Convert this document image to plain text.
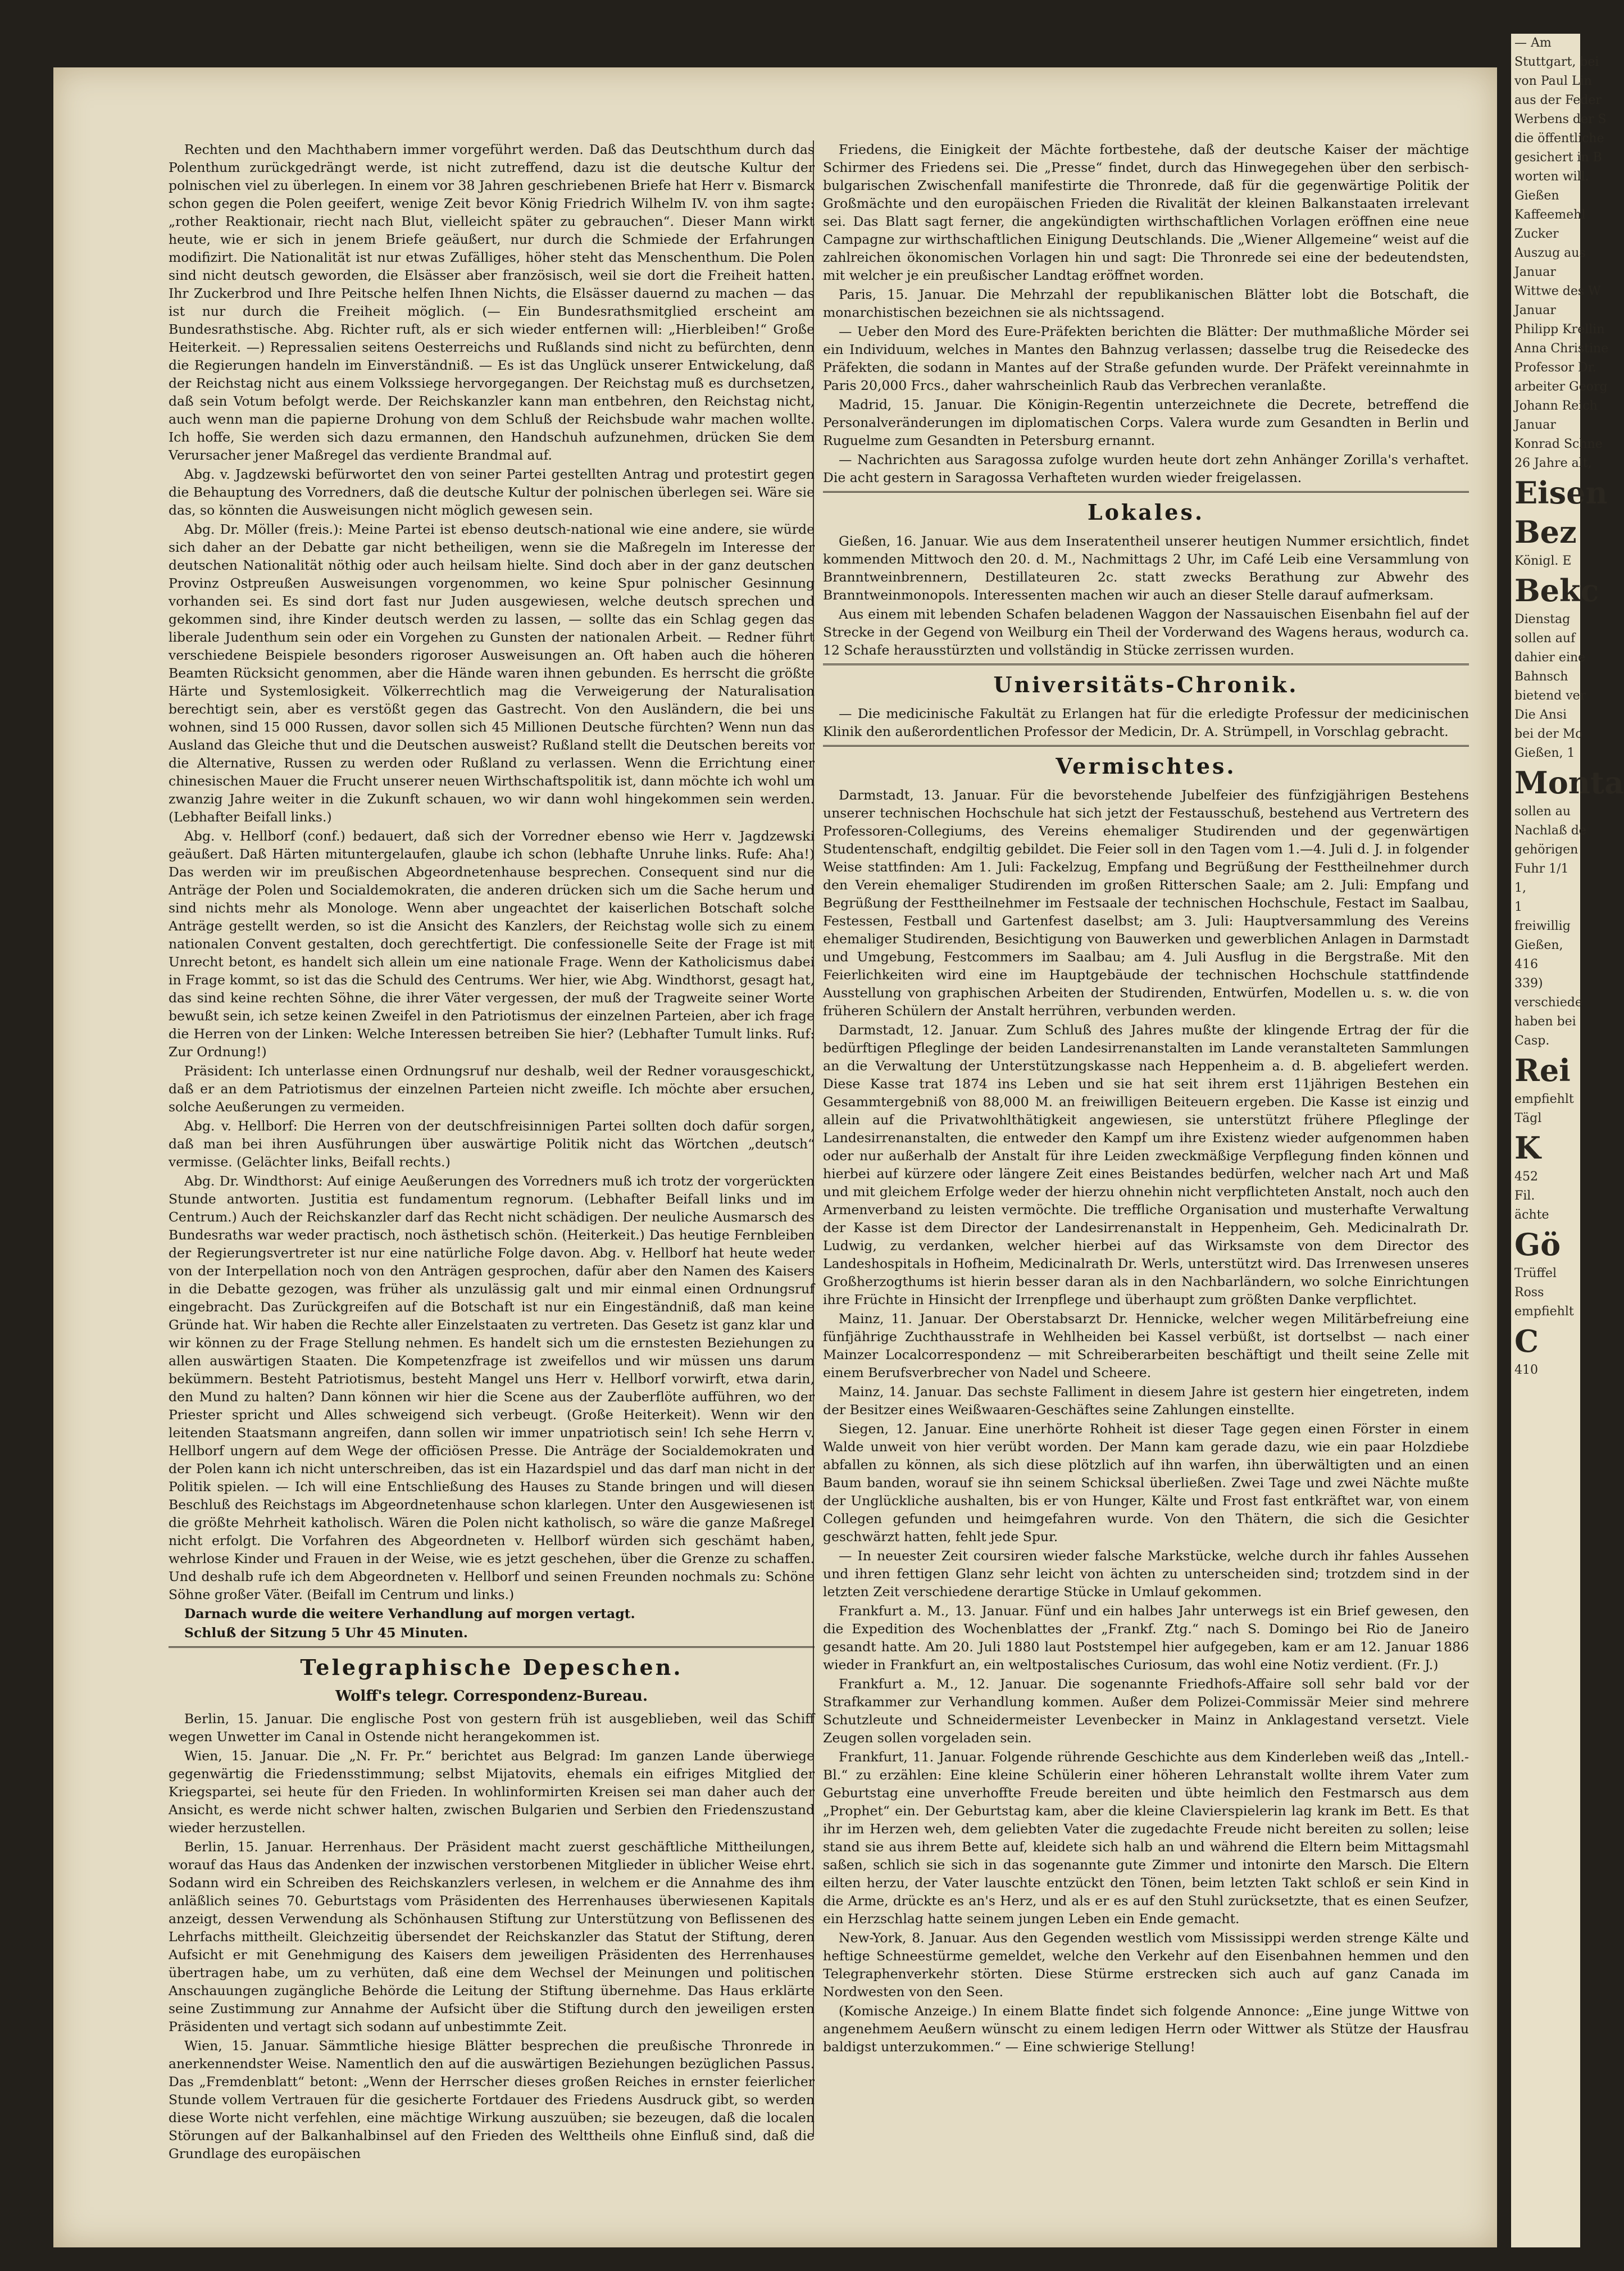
— Am
Stuttgart, bei
von Paul Lin
aus der Feder
Werbens der S
die öffentliche
gesichert in B
worten will.
Gießen
Kaffeemehl
Zucker
Auszug aus
Januar
Wittwe des W
Januar
Philipp Krellin
Anna Christine
Professor Dr.
arbeiter Georg
Johann Reich
Januar
Konrad Schne
26 Jahre alt,
Eisen
Bez
Königl. E
Bekc
Dienstag
sollen auf
dahier eine
Bahnsch
bietend ver
Die Ansi
bei der Mo
Gießen, 1
Monta
sollen au
Nachlaß de
gehörigen
Fuhr 1/1
1,
1
freiwillig
Gießen,
416
339)
verschiede
haben bei
Casp.
Rei
empfiehlt
Tägl
K
452
Fil.
ächte
Gö
Trüffel
Ross
empfiehlt
C
410

Rechten und den Machthabern immer vorgeführt werden. Daß das Deutschthum durch das Polenthum zurückgedrängt werde, ist nicht zutreffend, dazu ist die deutsche Kultur der polnischen viel zu überlegen. In einem vor 38 Jahren geschriebenen Briefe hat Herr v. Bismarck schon gegen die Polen geeifert, wenige Zeit bevor König Friedrich Wilhelm IV. von ihm sagte: „rother Reaktionair, riecht nach Blut, vielleicht später zu gebrauchen“. Dieser Mann wirkt heute, wie er sich in jenem Briefe geäußert, nur durch die Schmiede der Erfahrungen modifizirt. Die Nationalität ist nur etwas Zufälliges, höher steht das Menschenthum. Die Polen sind nicht deutsch geworden, die Elsässer aber französisch, weil sie dort die Freiheit hatten. Ihr Zuckerbrod und Ihre Peitsche helfen Ihnen Nichts, die Elsässer dauernd zu machen — das ist nur durch die Freiheit möglich. (— Ein Bundesrathsmitglied erscheint am Bundesrathstische. Abg. Richter ruft, als er sich wieder entfernen will: „Hierbleiben!“ Große Heiterkeit. —) Repressalien seitens Oesterreichs und Rußlands sind nicht zu befürchten, denn die Regierungen handeln im Einverständniß. — Es ist das Unglück unserer Entwickelung, daß der Reichstag nicht aus einem Volkssiege hervorgegangen. Der Reichstag muß es durchsetzen, daß sein Votum befolgt werde. Der Reichskanzler kann man entbehren, den Reichstag nicht, auch wenn man die papierne Drohung von dem Schluß der Reichsbude wahr machen wollte. Ich hoffe, Sie werden sich dazu ermannen, den Handschuh aufzunehmen, drücken Sie dem Verursacher jener Maßregel das verdiente Brandmal auf.

Abg. v. Jagdzewski befürwortet den von seiner Partei gestellten Antrag und protestirt gegen die Behauptung des Vorredners, daß die deutsche Kultur der polnischen überlegen sei. Wäre sie das, so könnten die Ausweisungen nicht möglich gewesen sein.

Abg. Dr. Möller (freis.): Meine Partei ist ebenso deutsch-national wie eine andere, sie würde sich daher an der Debatte gar nicht betheiligen, wenn sie die Maßregeln im Interesse der deutschen Nationalität nöthig oder auch heilsam hielte. Sind doch aber in der ganz deutschen Provinz Ostpreußen Ausweisungen vorgenommen, wo keine Spur polnischer Gesinnung vorhanden sei. Es sind dort fast nur Juden ausgewiesen, welche deutsch sprechen und gekommen sind, ihre Kinder deutsch werden zu lassen, — sollte das ein Schlag gegen das liberale Judenthum sein oder ein Vorgehen zu Gunsten der nationalen Arbeit. — Redner führt verschiedene Beispiele besonders rigoroser Ausweisungen an. Oft haben auch die höheren Beamten Rücksicht genommen, aber die Hände waren ihnen gebunden. Es herrscht die größte Härte und Systemlosigkeit. Völkerrechtlich mag die Verweigerung der Naturalisation berechtigt sein, aber es verstößt gegen das Gastrecht. Von den Ausländern, die bei uns wohnen, sind 15 000 Russen, davor sollen sich 45 Millionen Deutsche fürchten? Wenn nun das Ausland das Gleiche thut und die Deutschen ausweist? Rußland stellt die Deutschen bereits vor die Alternative, Russen zu werden oder Rußland zu verlassen. Wenn die Errichtung einer chinesischen Mauer die Frucht unserer neuen Wirthschaftspolitik ist, dann möchte ich wohl um zwanzig Jahre weiter in die Zukunft schauen, wo wir dann wohl hingekommen sein werden. (Lebhafter Beifall links.)

Abg. v. Hellborf (conf.) bedauert, daß sich der Vorredner ebenso wie Herr v. Jagdzewski geäußert. Daß Härten mituntergelaufen, glaube ich schon (lebhafte Unruhe links. Rufe: Aha!) Das werden wir im preußischen Abgeordnetenhause besprechen. Consequent sind nur die Anträge der Polen und Socialdemokraten, die anderen drücken sich um die Sache herum und sind nichts mehr als Monologe. Wenn aber ungeachtet der kaiserlichen Botschaft solche Anträge gestellt werden, so ist die Ansicht des Kanzlers, der Reichstag wolle sich zu einem nationalen Convent gestalten, doch gerechtfertigt. Die confessionelle Seite der Frage ist mit Unrecht betont, es handelt sich allein um eine nationale Frage. Wenn der Katholicismus dabei in Frage kommt, so ist das die Schuld des Centrums. Wer hier, wie Abg. Windthorst, gesagt hat, das sind keine rechten Söhne, die ihrer Väter vergessen, der muß der Tragweite seiner Worte bewußt sein, ich setze keinen Zweifel in den Patriotismus der einzelnen Parteien, aber ich frage die Herren von der Linken: Welche Interessen betreiben Sie hier? (Lebhafter Tumult links. Ruf: Zur Ordnung!)

Präsident: Ich unterlasse einen Ordnungsruf nur deshalb, weil der Redner vorausgeschickt, daß er an dem Patriotismus der einzelnen Parteien nicht zweifle. Ich möchte aber ersuchen, solche Aeußerungen zu vermeiden.

Abg. v. Hellborf: Die Herren von der deutschfreisinnigen Partei sollten doch dafür sorgen, daß man bei ihren Ausführungen über auswärtige Politik nicht das Wörtchen „deutsch“ vermisse. (Gelächter links, Beifall rechts.)

Abg. Dr. Windthorst: Auf einige Aeußerungen des Vorredners muß ich trotz der vorgerückten Stunde antworten. Justitia est fundamentum regnorum. (Lebhafter Beifall links und im Centrum.) Auch der Reichskanzler darf das Recht nicht schädigen. Der neuliche Ausmarsch des Bundesraths war weder practisch, noch ästhetisch schön. (Heiterkeit.) Das heutige Fernbleiben der Regierungsvertreter ist nur eine natürliche Folge davon. Abg. v. Hellborf hat heute weder von der Interpellation noch von den Anträgen gesprochen, dafür aber den Namen des Kaisers in die Debatte gezogen, was früher als unzulässig galt und mir einmal einen Ordnungsruf eingebracht. Das Zurückgreifen auf die Botschaft ist nur ein Eingeständniß, daß man keine Gründe hat. Wir haben die Rechte aller Einzelstaaten zu vertreten. Das Gesetz ist ganz klar und wir können zu der Frage Stellung nehmen. Es handelt sich um die ernstesten Beziehungen zu allen auswärtigen Staaten. Die Kompetenzfrage ist zweifellos und wir müssen uns darum bekümmern. Besteht Patriotismus, besteht Mangel uns Herr v. Hellborf vorwirft, etwa darin, den Mund zu halten? Dann können wir hier die Scene aus der Zauberflöte aufführen, wo der Priester spricht und Alles schweigend sich verbeugt. (Große Heiterkeit). Wenn wir den leitenden Staatsmann angreifen, dann sollen wir immer unpatriotisch sein! Ich sehe Herrn v. Hellborf ungern auf dem Wege der officiösen Presse. Die Anträge der Socialdemokraten und der Polen kann ich nicht unterschreiben, das ist ein Hazardspiel und das darf man nicht in der Politik spielen. — Ich will eine Entschließung des Hauses zu Stande bringen und will diesen Beschluß des Reichstags im Abgeordnetenhause schon klarlegen. Unter den Ausgewiesenen ist die größte Mehrheit katholisch. Wären die Polen nicht katholisch, so wäre die ganze Maßregel nicht erfolgt. Die Vorfahren des Abgeordneten v. Hellborf würden sich geschämt haben, wehrlose Kinder und Frauen in der Weise, wie es jetzt geschehen, über die Grenze zu schaffen. Und deshalb rufe ich dem Abgeordneten v. Hellborf und seinen Freunden nochmals zu: Schöne Söhne großer Väter. (Beifall im Centrum und links.)

Darnach wurde die weitere Verhandlung auf morgen vertagt.

Schluß der Sitzung 5 Uhr 45 Minuten.

Telegraphische Depeschen.
Wolff's telegr. Correspondenz-Bureau.

Berlin, 15. Januar. Die englische Post von gestern früh ist ausgeblieben, weil das Schiff wegen Unwetter im Canal in Ostende nicht herangekommen ist.

Wien, 15. Januar. Die „N. Fr. Pr.“ berichtet aus Belgrad: Im ganzen Lande überwiege gegenwärtig die Friedensstimmung; selbst Mijatovits, ehemals ein eifriges Mitglied der Kriegspartei, sei heute für den Frieden. In wohlinformirten Kreisen sei man daher auch der Ansicht, es werde nicht schwer halten, zwischen Bulgarien und Serbien den Friedenszustand wieder herzustellen.

Berlin, 15. Januar. Herrenhaus. Der Präsident macht zuerst geschäftliche Mittheilungen, worauf das Haus das Andenken der inzwischen verstorbenen Mitglieder in üblicher Weise ehrt. Sodann wird ein Schreiben des Reichskanzlers verlesen, in welchem er die Annahme des ihm anläßlich seines 70. Geburtstags vom Präsidenten des Herrenhauses überwiesenen Kapitals anzeigt, dessen Verwendung als Schönhausen Stiftung zur Unterstützung von Beflissenen des Lehrfachs mittheilt. Gleichzeitig übersendet der Reichskanzler das Statut der Stiftung, deren Aufsicht er mit Genehmigung des Kaisers dem jeweiligen Präsidenten des Herrenhauses übertragen habe, um zu verhüten, daß eine dem Wechsel der Meinungen und politischen Anschauungen zugängliche Behörde die Leitung der Stiftung übernehme. Das Haus erklärte seine Zustimmung zur Annahme der Aufsicht über die Stiftung durch den jeweiligen ersten Präsidenten und vertagt sich sodann auf unbestimmte Zeit.

Wien, 15. Januar. Sämmtliche hiesige Blätter besprechen die preußische Thronrede in anerkennendster Weise. Namentlich den auf die auswärtigen Beziehungen bezüglichen Passus. Das „Fremdenblatt“ betont: „Wenn der Herrscher dieses großen Reiches in ernster feierlicher Stunde vollem Vertrauen für die gesicherte Fortdauer des Friedens Ausdruck gibt, so werden diese Worte nicht verfehlen, eine mächtige Wirkung auszuüben; sie bezeugen, daß die localen Störungen auf der Balkanhalbinsel auf den Frieden des Welttheils ohne Einfluß sind, daß die Grundlage des europäischen

Friedens, die Einigkeit der Mächte fortbestehe, daß der deutsche Kaiser der mächtige Schirmer des Friedens sei. Die „Presse“ findet, durch das Hinwegegehen über den serbisch-bulgarischen Zwischenfall manifestirte die Thronrede, daß für die gegenwärtige Politik der Großmächte und den europäischen Frieden die Rivalität der kleinen Balkanstaaten irrelevant sei. Das Blatt sagt ferner, die angekündigten wirthschaftlichen Vorlagen eröffnen eine neue Campagne zur wirthschaftlichen Einigung Deutschlands. Die „Wiener Allgemeine“ weist auf die zahlreichen ökonomischen Vorlagen hin und sagt: Die Thronrede sei eine der bedeutendsten, mit welcher je ein preußischer Landtag eröffnet worden.

Paris, 15. Januar. Die Mehrzahl der republikanischen Blätter lobt die Botschaft, die monarchistischen bezeichnen sie als nichtssagend.

— Ueber den Mord des Eure-Präfekten berichten die Blätter: Der muthmaßliche Mörder sei ein Individuum, welches in Mantes den Bahnzug verlassen; dasselbe trug die Reisedecke des Präfekten, die sodann in Mantes auf der Straße gefunden wurde. Der Präfekt vereinnahmte in Paris 20,000 Frcs., daher wahrscheinlich Raub das Verbrechen veranlaßte.

Madrid, 15. Januar. Die Königin-Regentin unterzeichnete die Decrete, betreffend die Personalveränderungen im diplomatischen Corps. Valera wurde zum Gesandten in Berlin und Ruguelme zum Gesandten in Petersburg ernannt.

— Nachrichten aus Saragossa zufolge wurden heute dort zehn Anhänger Zorilla's verhaftet. Die acht gestern in Saragossa Verhafteten wurden wieder freigelassen.

Lokales.

Gießen, 16. Januar. Wie aus dem Inseratentheil unserer heutigen Nummer ersichtlich, findet kommenden Mittwoch den 20. d. M., Nachmittags 2 Uhr, im Café Leib eine Versammlung von Branntweinbrennern, Destillateuren 2c. statt zwecks Berathung zur Abwehr des Branntweinmonopols. Interessenten machen wir auch an dieser Stelle darauf aufmerksam.

Aus einem mit lebenden Schafen beladenen Waggon der Nassauischen Eisenbahn fiel auf der Strecke in der Gegend von Weilburg ein Theil der Vorderwand des Wagens heraus, wodurch ca. 12 Schafe herausstürzten und vollständig in Stücke zerrissen wurden.

Universitäts-Chronik.

— Die medicinische Fakultät zu Erlangen hat für die erledigte Professur der medicinischen Klinik den außerordentlichen Professor der Medicin, Dr. A. Strümpell, in Vorschlag gebracht.

Vermischtes.

Darmstadt, 13. Januar. Für die bevorstehende Jubelfeier des fünfzigjährigen Bestehens unserer technischen Hochschule hat sich jetzt der Festausschuß, bestehend aus Vertretern des Professoren-Collegiums, des Vereins ehemaliger Studirenden und der gegenwärtigen Studentenschaft, endgiltig gebildet. Die Feier soll in den Tagen vom 1.—4. Juli d. J. in folgender Weise stattfinden: Am 1. Juli: Fackelzug, Empfang und Begrüßung der Festtheilnehmer durch den Verein ehemaliger Studirenden im großen Ritterschen Saale; am 2. Juli: Empfang und Begrüßung der Festtheilnehmer im Festsaale der technischen Hochschule, Festact im Saalbau, Festessen, Festball und Gartenfest daselbst; am 3. Juli: Hauptversammlung des Vereins ehemaliger Studirenden, Besichtigung von Bauwerken und gewerblichen Anlagen in Darmstadt und Umgebung, Festcommers im Saalbau; am 4. Juli Ausflug in die Bergstraße. Mit den Feierlichkeiten wird eine im Hauptgebäude der technischen Hochschule stattfindende Ausstellung von graphischen Arbeiten der Studirenden, Entwürfen, Modellen u. s. w. die von früheren Schülern der Anstalt herrühren, verbunden werden.

Darmstadt, 12. Januar. Zum Schluß des Jahres mußte der klingende Ertrag der für die bedürftigen Pfleglinge der beiden Landesirrenanstalten im Lande veranstalteten Sammlungen an die Verwaltung der Unterstützungskasse nach Heppenheim a. d. B. abgeliefert werden. Diese Kasse trat 1874 ins Leben und sie hat seit ihrem erst 11jährigen Bestehen ein Gesammtergebniß von 88,000 M. an freiwilligen Beiteuern ergeben. Die Kasse ist einzig und allein auf die Privatwohlthätigkeit angewiesen, sie unterstützt frühere Pfleglinge der Landesirrenanstalten, die entweder den Kampf um ihre Existenz wieder aufgenommen haben oder nur außerhalb der Anstalt für ihre Leiden zweckmäßige Verpflegung finden können und hierbei auf kürzere oder längere Zeit eines Beistandes bedürfen, welcher nach Art und Maß und mit gleichem Erfolge weder der hierzu ohnehin nicht verpflichteten Anstalt, noch auch den Armenverband zu leisten vermöchte. Die treffliche Organisation und musterhafte Verwaltung der Kasse ist dem Director der Landesirrenanstalt in Heppenheim, Geh. Medicinalrath Dr. Ludwig, zu verdanken, welcher hierbei auf das Wirksamste von dem Director des Landeshospitals in Hofheim, Medicinalrath Dr. Werls, unterstützt wird. Das Irrenwesen unseres Großherzogthums ist hierin besser daran als in den Nachbarländern, wo solche Einrichtungen ihre Früchte in Hinsicht der Irrenpflege und überhaupt zum größten Danke verpflichtet.

Mainz, 11. Januar. Der Oberstabsarzt Dr. Hennicke, welcher wegen Militärbefreiung eine fünfjährige Zuchthausstrafe in Wehlheiden bei Kassel verbüßt, ist dortselbst — nach einer Mainzer Localcorrespondenz — mit Schreiberarbeiten beschäftigt und theilt seine Zelle mit einem Berufsverbrecher von Nadel und Scheere.

Mainz, 14. Januar. Das sechste Falliment in diesem Jahre ist gestern hier eingetreten, indem der Besitzer eines Weißwaaren-Geschäftes seine Zahlungen einstellte.

Siegen, 12. Januar. Eine unerhörte Rohheit ist dieser Tage gegen einen Förster in einem Walde unweit von hier verübt worden. Der Mann kam gerade dazu, wie ein paar Holzdiebe abfallen zu können, als sich diese plötzlich auf ihn warfen, ihn überwältigten und an einen Baum banden, worauf sie ihn seinem Schicksal überließen. Zwei Tage und zwei Nächte mußte der Unglückliche aushalten, bis er von Hunger, Kälte und Frost fast entkräftet war, von einem Collegen gefunden und heimgefahren wurde. Von den Thätern, die sich die Gesichter geschwärzt hatten, fehlt jede Spur.

— In neuester Zeit coursiren wieder falsche Markstücke, welche durch ihr fahles Aussehen und ihren fettigen Glanz sehr leicht von ächten zu unterscheiden sind; trotzdem sind in der letzten Zeit verschiedene derartige Stücke in Umlauf gekommen.

Frankfurt a. M., 13. Januar. Fünf und ein halbes Jahr unterwegs ist ein Brief gewesen, den die Expedition des Wochenblattes der „Frankf. Ztg.“ nach S. Domingo bei Rio de Janeiro gesandt hatte. Am 20. Juli 1880 laut Poststempel hier aufgegeben, kam er am 12. Januar 1886 wieder in Frankfurt an, ein weltpostalisches Curiosum, das wohl eine Notiz verdient. (Fr. J.)

Frankfurt a. M., 12. Januar. Die sogenannte Friedhofs-Affaire soll sehr bald vor der Strafkammer zur Verhandlung kommen. Außer dem Polizei-Commissär Meier sind mehrere Schutzleute und Schneidermeister Levenbecker in Mainz in Anklagestand versetzt. Viele Zeugen sollen vorgeladen sein.

Frankfurt, 11. Januar. Folgende rührende Geschichte aus dem Kinderleben weiß das „Intell.-Bl.“ zu erzählen: Eine kleine Schülerin einer höheren Lehranstalt wollte ihrem Vater zum Geburtstag eine unverhoffte Freude bereiten und übte heimlich den Festmarsch aus dem „Prophet“ ein. Der Geburtstag kam, aber die kleine Clavierspielerin lag krank im Bett. Es that ihr im Herzen weh, dem geliebten Vater die zugedachte Freude nicht bereiten zu sollen; leise stand sie aus ihrem Bette auf, kleidete sich halb an und während die Eltern beim Mittagsmahl saßen, schlich sie sich in das sogenannte gute Zimmer und intonirte den Marsch. Die Eltern eilten herzu, der Vater lauschte entzückt den Tönen, beim letzten Takt schloß er sein Kind in die Arme, drückte es an's Herz, und als er es auf den Stuhl zurücksetzte, that es einen Seufzer, ein Herzschlag hatte seinem jungen Leben ein Ende gemacht.

New-York, 8. Januar. Aus den Gegenden westlich vom Mississippi werden strenge Kälte und heftige Schneestürme gemeldet, welche den Verkehr auf den Eisenbahnen hemmen und den Telegraphenverkehr störten. Diese Stürme erstrecken sich auch auf ganz Canada im Nordwesten von den Seen.

(Komische Anzeige.) In einem Blatte findet sich folgende Annonce: „Eine junge Wittwe von angenehmem Aeußern wünscht zu einem ledigen Herrn oder Wittwer als Stütze der Hausfrau baldigst unterzukommen.“ — Eine schwierige Stellung!
